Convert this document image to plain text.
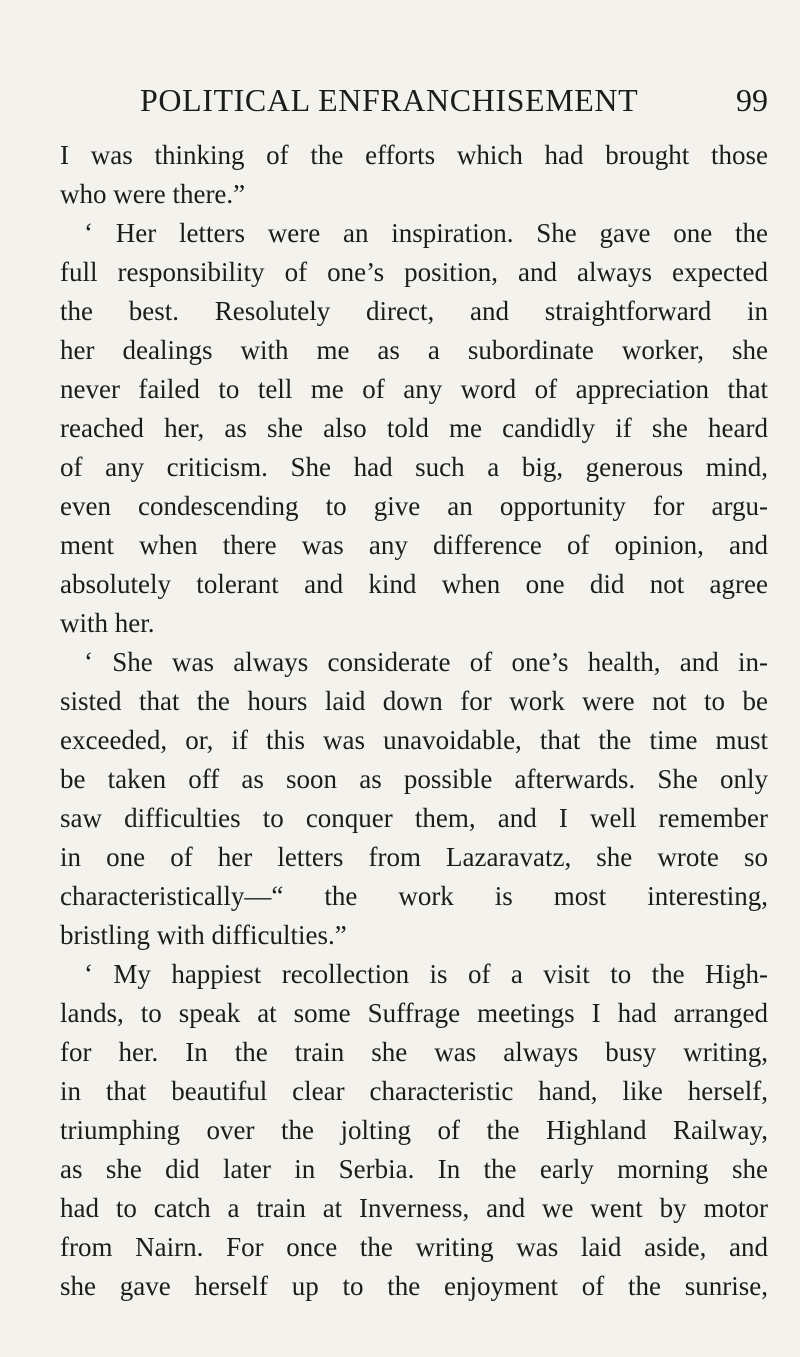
POLITICAL ENFRANCHISEMENT	99
I was thinking of the efforts which had brought those
who were there.”
‘ Her letters were an inspiration. She gave one the
full responsibility of one’s position, and always expected
the best. Resolutely direct, and straightforward in
her dealings with me as a subordinate worker, she
never failed to tell me of any word of appreciation that
reached her, as she also told me candidly if she heard
of any criticism. She had such a big, generous mind,
even condescending to give an opportunity for argu-
ment when there was any difference of opinion, and
absolutely tolerant and kind when one did not agree
with her.
‘ She was always considerate of one’s health, and in-
sisted that the hours laid down for work were not to be
exceeded, or, if this was unavoidable, that the time must
be taken off as soon as possible afterwards. She only
saw difficulties to conquer them, and I well remember
in one of her letters from Lazaravatz, she wrote so
characteristically—“ the work is most interesting,
bristling with difficulties.”
‘ My happiest recollection is of a visit to the High-
lands, to speak at some Suffrage meetings I had arranged
for her. In the train she was always busy writing,
in that beautiful clear characteristic hand, like herself,
triumphing over the jolting of the Highland Railway,
as she did later in Serbia. In the early morning she
had to catch a train at Inverness, and we went by motor
from Nairn. For once the writing was laid aside, and
she gave herself up to the enjoyment of the sunrise,
